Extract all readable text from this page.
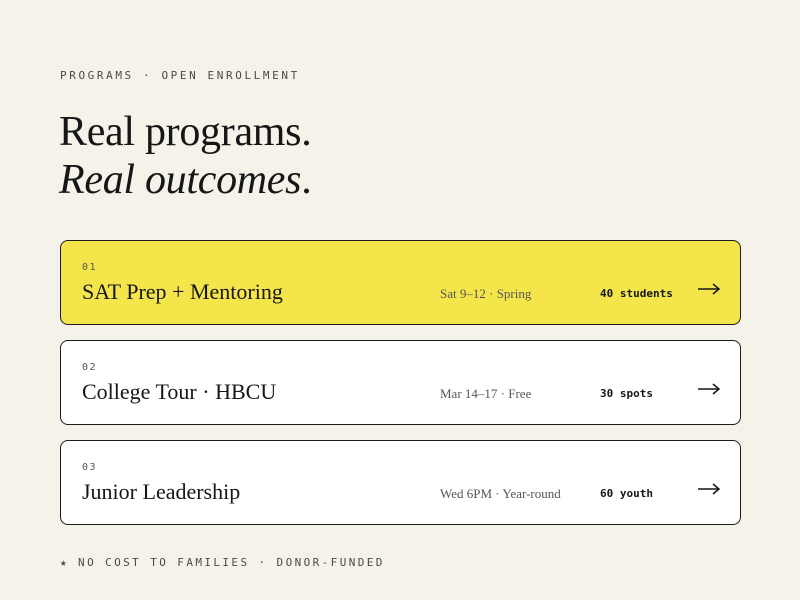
PROGRAMS · OPEN ENROLLMENT
Real programs.
Real outcomes.
01
SAT Prep + Mentoring	Sat 9–12 · Spring	40 students
02
College Tour · HBCU	Mar 14–17 · Free	30 spots
03
Junior Leadership	Wed 6PM · Year-round	60 youth
★ NO COST TO FAMILIES · DONOR-FUNDED
